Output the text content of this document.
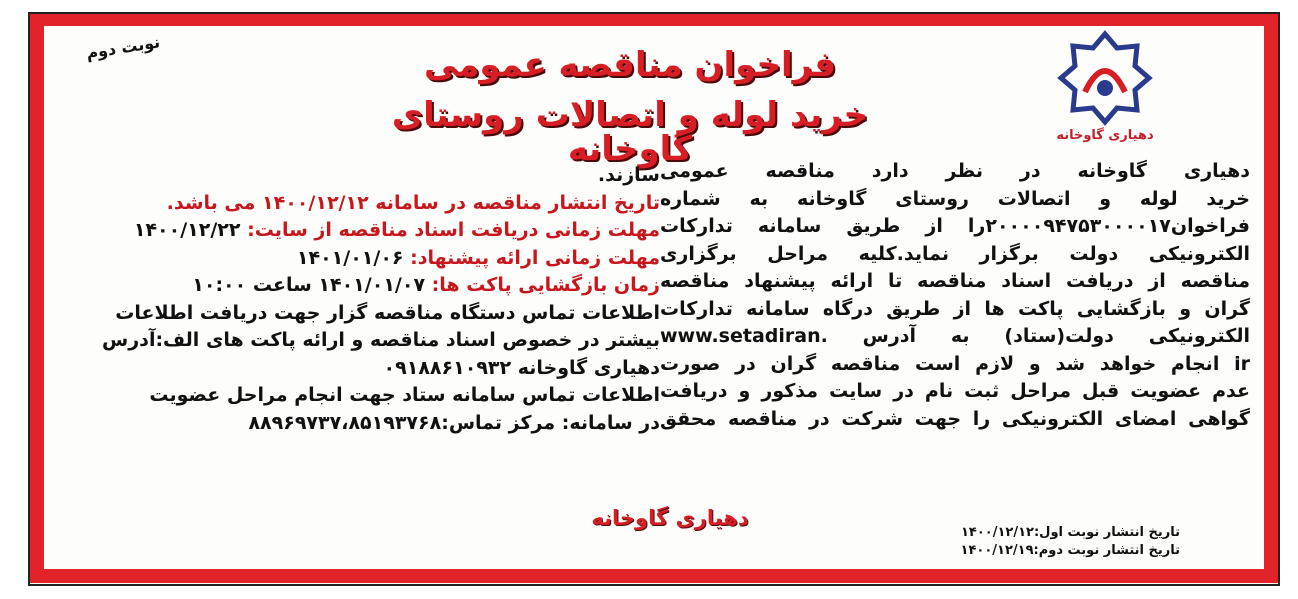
دهیاری گاوخانه
نوبت دوم	فراخوان مناقصه عمومی
خرید لوله و اتصالات روستای گاوخانه

دهیاری گاوخانه در نظر دارد مناقصه عمومی

خرید لوله و اتصالات روستای گاوخانه به شماره

فراخوان۲۰۰۰۰۹۴۷۵۳۰۰۰۰۱۷را از طریق سامانه تدارکات

الکترونیکی دولت برگزار نماید.کلیه مراحل برگزاری

مناقصه از دریافت اسناد مناقصه تا ارائه پیشنهاد مناقصه

گران و بازگشایی پاکت ها از طریق درگاه سامانه تدارکات

الکترونیکی دولت(ستاد) به آدرس .www.setadiran

ir انجام خواهد شد و لازم است مناقصه گران در صورت

عدم عضویت قبل مراحل ثبت نام در سایت مذکور و دریافت

گواهی امضای الکترونیکی را جهت شرکت در مناقصه محقق

سازند.
تاریخ انتشار مناقصه در سامانه ۱۴۰۰/۱۲/۱۲ می باشد.
مهلت زمانی دریافت اسناد مناقصه از سایت: ۱۴۰۰/۱۲/۲۲
مهلت زمانی ارائه پیشنهاد: ۱۴۰۱/۰۱/۰۶
زمان بازگشایی پاکت ها: ۱۴۰۱/۰۱/۰۷ ساعت ۱۰:۰۰
اطلاعات تماس دستگاه مناقصه گزار جهت دریافت اطلاعات
بیشتر در خصوص اسناد مناقصه و ارائه پاکت های الف:آدرس
دهیاری گاوخانه ۰۹۱۸۸۶۱۰۹۳۲
اطلاعات تماس سامانه ستاد جهت انجام مراحل عضویت
در سامانه: مرکز تماس:۸۸۹۶۹۷۳۷،۸۵۱۹۳۷۶۸
دهیاری گاوخانه
تاریخ انتشار نوبت اول:۱۴۰۰/۱۲/۱۲
تاریخ انتشار نوبت دوم:۱۴۰۰/۱۲/۱۹
